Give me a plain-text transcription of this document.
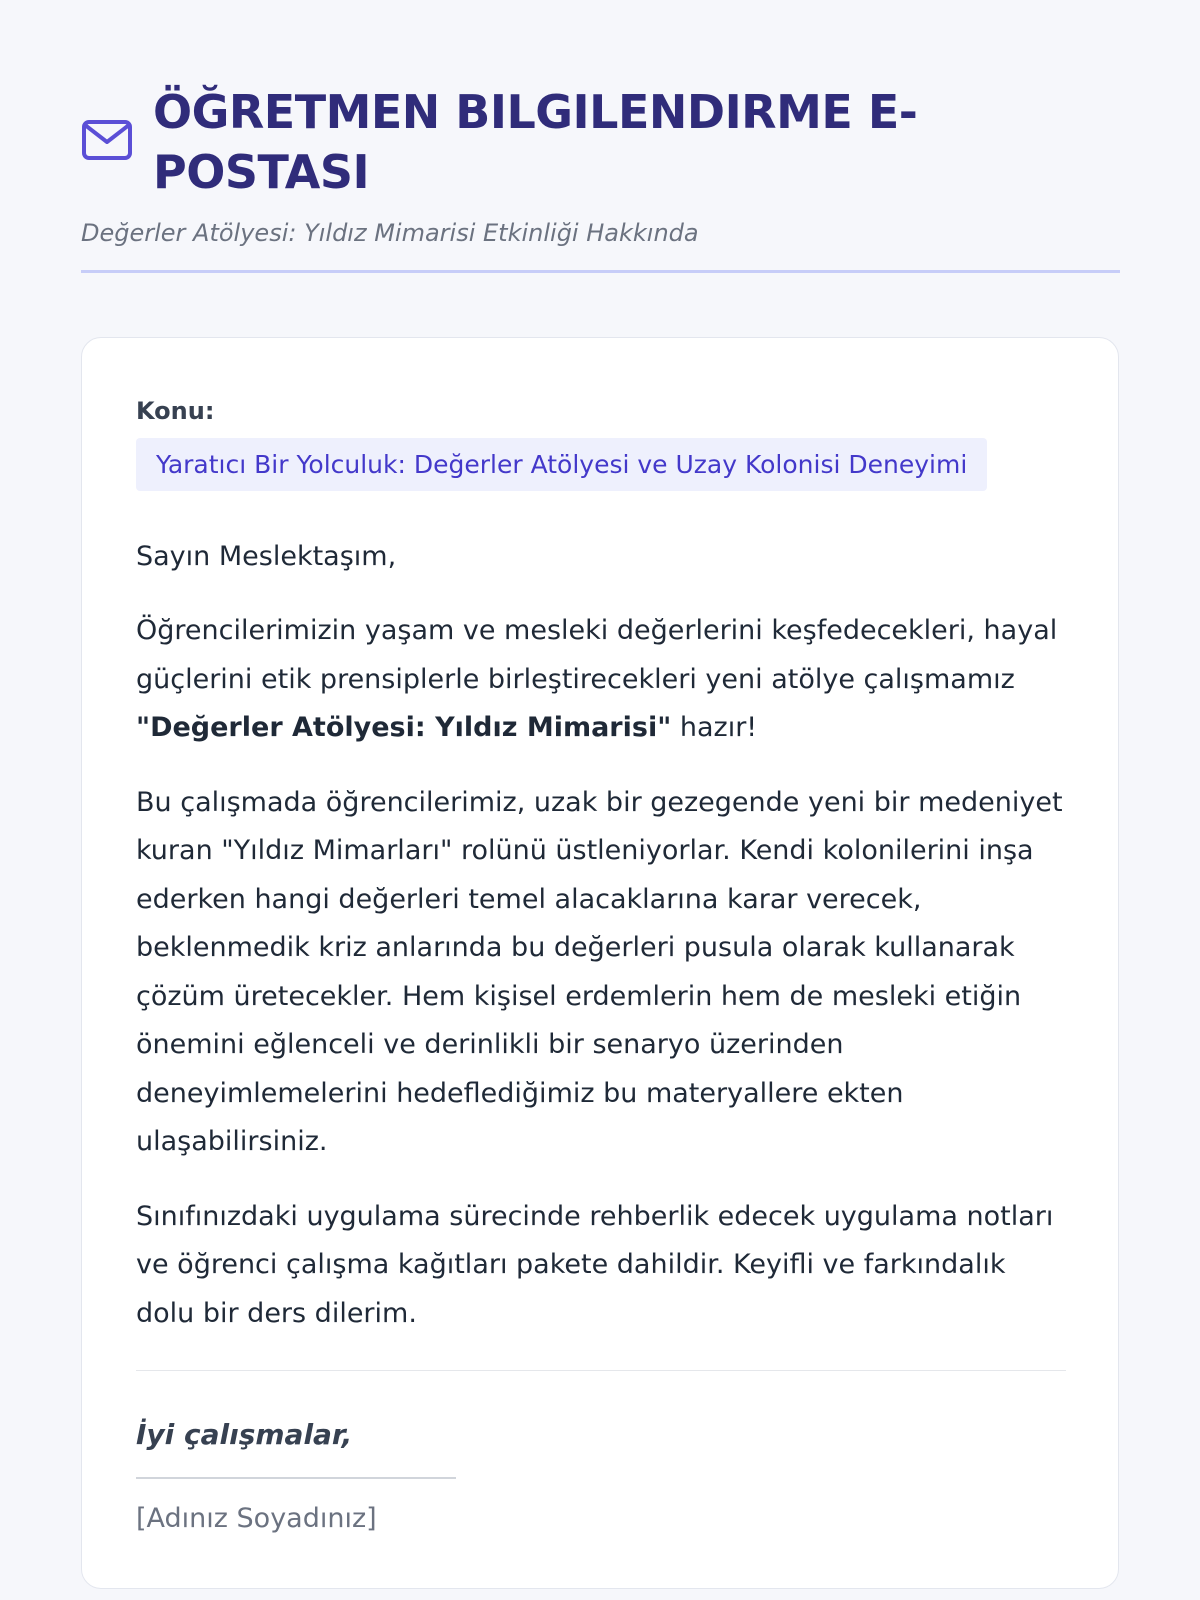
ÖĞRETMEN BILGILENDIRME E-POSTASI
Değerler Atölyesi: Yıldız Mimarisi Etkinliği Hakkında
Konu:
Yaratıcı Bir Yolculuk: Değerler Atölyesi ve Uzay Kolonisi Deneyimi
Sayın Meslektaşım,

Öğrencilerimizin yaşam ve mesleki değerlerini keşfedecekleri, hayal güçlerini etik prensiplerle birleştirecekleri yeni atölye çalışmamız "Değerler Atölyesi: Yıldız Mimarisi" hazır!

Bu çalışmada öğrencilerimiz, uzak bir gezegende yeni bir medeniyet kuran "Yıldız Mimarları" rolünü üstleniyorlar. Kendi kolonilerini inşa ederken hangi değerleri temel alacaklarına karar verecek, beklenmedik kriz anlarında bu değerleri pusula olarak kullanarak çözüm üretecekler. Hem kişisel erdemlerin hem de mesleki etiğin önemini eğlenceli ve derinlikli bir senaryo üzerinden deneyimlemelerini hedeflediğimiz bu materyallere ekten ulaşabilirsiniz.

Sınıfınızdaki uygulama sürecinde rehberlik edecek uygulama notları ve öğrenci çalışma kağıtları pakete dahildir. Keyifli ve farkındalık dolu bir ders dilerim.

İyi çalışmalar,
[Adınız Soyadınız]
